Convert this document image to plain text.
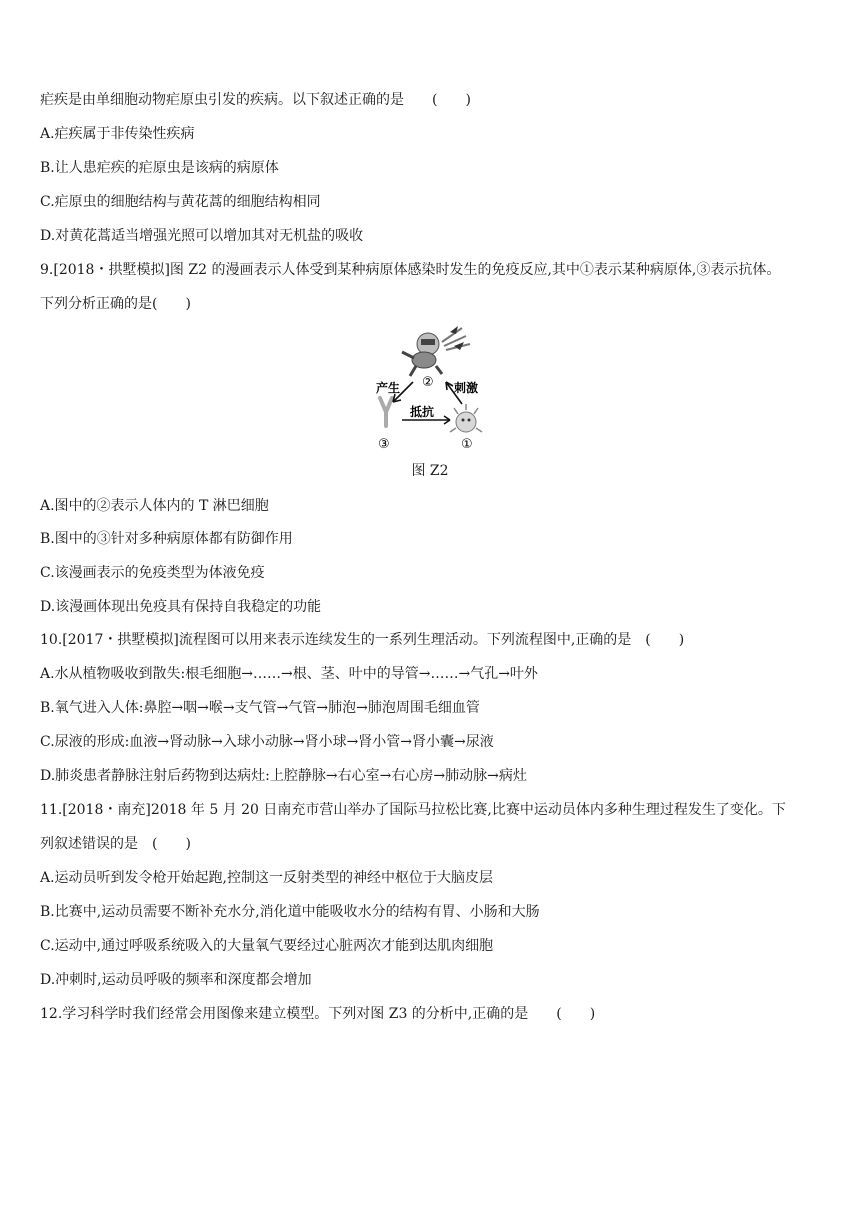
疟疾是由单细胞动物疟原虫引发的疾病。以下叙述正确的是　　(　　)
A.疟疾属于非传染性疾病
B.让人患疟疾的疟原虫是该病的病原体
C.疟原虫的细胞结构与黄花蒿的细胞结构相同
D.对黄花蒿适当增强光照可以增加其对无机盐的吸收
9.[2018・拱墅模拟]图 Z2 的漫画表示人体受到某种病原体感染时发生的免疫反应,其中①表示某种病原体,③表示抗体。
下列分析正确的是(　　)
产生	刺激
抵抗
②
③	①
图 Z2
A.图中的②表示人体内的 T 淋巴细胞
B.图中的③针对多种病原体都有防御作用
C.该漫画表示的免疫类型为体液免疫
D.该漫画体现出免疫具有保持自我稳定的功能
10.[2017・拱墅模拟]流程图可以用来表示连续发生的一系列生理活动。下列流程图中,正确的是　(　　)
A.水从植物吸收到散失:根毛细胞→……→根、茎、叶中的导管→……→气孔→叶外
B.氧气进入人体:鼻腔→咽→喉→支气管→气管→肺泡→肺泡周围毛细血管
C.尿液的形成:血液→肾动脉→入球小动脉→肾小球→肾小管→肾小囊→尿液
D.肺炎患者静脉注射后药物到达病灶:上腔静脉→右心室→右心房→肺动脉→病灶
11.[2018・南充]2018 年 5 月 20 日南充市营山举办了国际马拉松比赛,比赛中运动员体内多种生理过程发生了变化。下
列叙述错误的是　(　　)
A.运动员听到发令枪开始起跑,控制这一反射类型的神经中枢位于大脑皮层
B.比赛中,运动员需要不断补充水分,消化道中能吸收水分的结构有胃、小肠和大肠
C.运动中,通过呼吸系统吸入的大量氧气要经过心脏两次才能到达肌肉细胞
D.冲刺时,运动员呼吸的频率和深度都会增加
12.学习科学时我们经常会用图像来建立模型。下列对图 Z3 的分析中,正确的是　　(　　)
